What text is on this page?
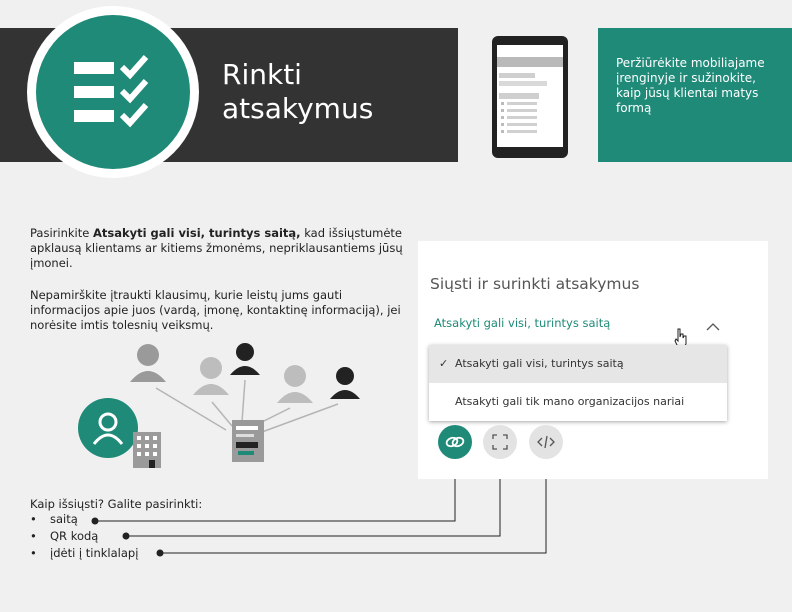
Rinkti
atsakymus
Peržiūrėkite mobiliajame įrenginyje ir sužinokite, kaip jūsų klientai matys formą
Pasirinkite Atsakyti gali visi, turintys saitą, kad išsiųstumėte apklausą klientams ar kitiems žmonėms, nepriklausantiems jūsų įmonei.
Nepamirškite įtraukti klausimų, kurie leistų jums gauti informacijos apie juos (vardą, įmonę, kontaktinę informaciją), jei norėsite imtis tolesnių veiksmų.
Kaip išsiųsti? Galite pasirinkti:
• saitą
• QR kodą
• įdėti į tinklalapį
Siųsti ir surinkti atsakymus
Atsakyti gali visi, turintys saitą
✓ Atsakyti gali visi, turintys saitą
Atsakyti gali tik mano organizacijos nariai
